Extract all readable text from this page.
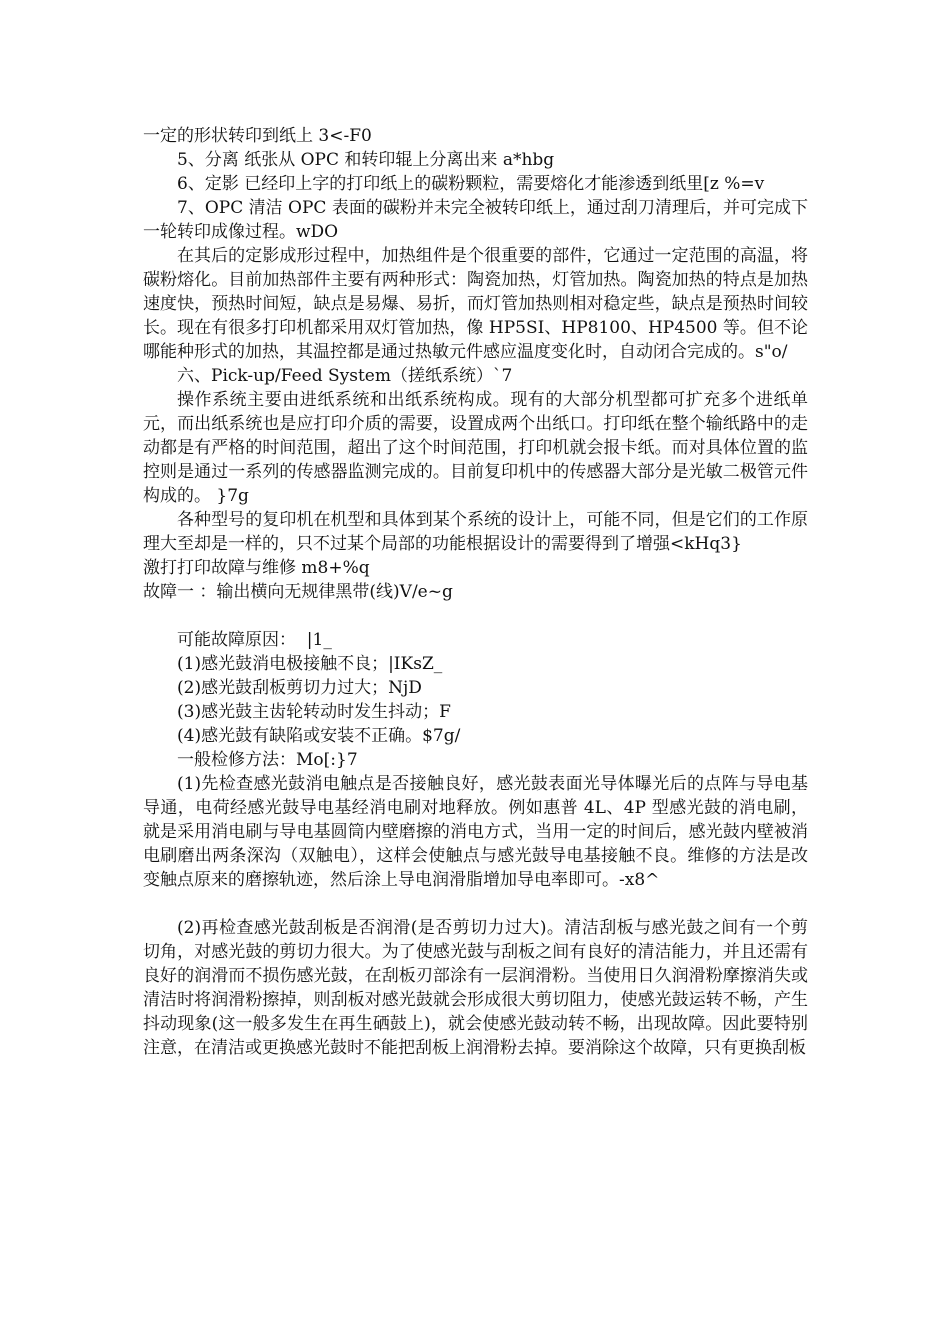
一定的形状转印到纸上 3<-F0

5、分离 纸张从 OPC 和转印辊上分离出来 a*hbg

6、定影 已经印上字的打印纸上的碳粉颗粒，需要熔化才能渗透到纸里[z %=v

7、OPC 清洁 OPC 表面的碳粉并未完全被转印纸上，通过刮刀清理后，并可完成下一轮转印成像过程。wDO

在其后的定影成形过程中，加热组件是个很重要的部件，它通过一定范围的高温，将碳粉熔化。目前加热部件主要有两种形式：陶瓷加热，灯管加热。陶瓷加热的特点是加热速度快，预热时间短，缺点是易爆、易折，而灯管加热则相对稳定些，缺点是预热时间较长。现在有很多打印机都采用双灯管加热，像 HP5SI、HP8100、HP4500 等。但不论哪能种形式的加热，其温控都是通过热敏元件感应温度变化时，自动闭合完成的。s"o/

六、Pick-up/Feed System（搓纸系统）`7

操作系统主要由进纸系统和出纸系统构成。现有的大部分机型都可扩充多个进纸单元，而出纸系统也是应打印介质的需要，设置成两个出纸口。打印纸在整个输纸路中的走动都是有严格的时间范围，超出了这个时间范围，打印机就会报卡纸。而对具体位置的监控则是通过一系列的传感器监测完成的。目前复印机中的传感器大部分是光敏二极管元件构成的。 }7g

各种型号的复印机在机型和具体到某个系统的设计上，可能不同，但是它们的工作原理大至却是一样的，只不过某个局部的功能根据设计的需要得到了增强<kHq3}

激打打印故障与维修 m8+%q

故障一 ：输出横向无规律黑带(线)V/e~g

可能故障原因：  |1_

(1)感光鼓消电极接触不良；|IKsZ_

(2)感光鼓刮板剪切力过大；NjD

(3)感光鼓主齿轮转动时发生抖动；F

(4)感光鼓有缺陷或安装不正确。$7g/

一般检修方法：Mo[:}7

(1)先检查感光鼓消电触点是否接触良好，感光鼓表面光导体曝光后的点阵与导电基导通，电荷经感光鼓导电基经消电刷对地释放。例如惠普 4L、4P 型感光鼓的消电刷，就是采用消电刷与导电基圆筒内壁磨擦的消电方式，当用一定的时间后，感光鼓内壁被消电刷磨出两条深沟（双触电），这样会使触点与感光鼓导电基接触不良。维修的方法是改变触点原来的磨擦轨迹，然后涂上导电润滑脂增加导电率即可。-x8^

(2)再检查感光鼓刮板是否润滑(是否剪切力过大)。清洁刮板与感光鼓之间有一个剪切角，对感光鼓的剪切力很大。为了使感光鼓与刮板之间有良好的清洁能力，并且还需有良好的润滑而不损伤感光鼓，在刮板刃部涂有一层润滑粉。当使用日久润滑粉摩擦消失或清洁时将润滑粉擦掉，则刮板对感光鼓就会形成很大剪切阻力，使感光鼓运转不畅，产生抖动现象(这一般多发生在再生硒鼓上)，就会使感光鼓动转不畅，出现故障。因此要特别注意，在清洁或更换感光鼓时不能把刮板上润滑粉去掉。要消除这个故障，只有更换刮板
